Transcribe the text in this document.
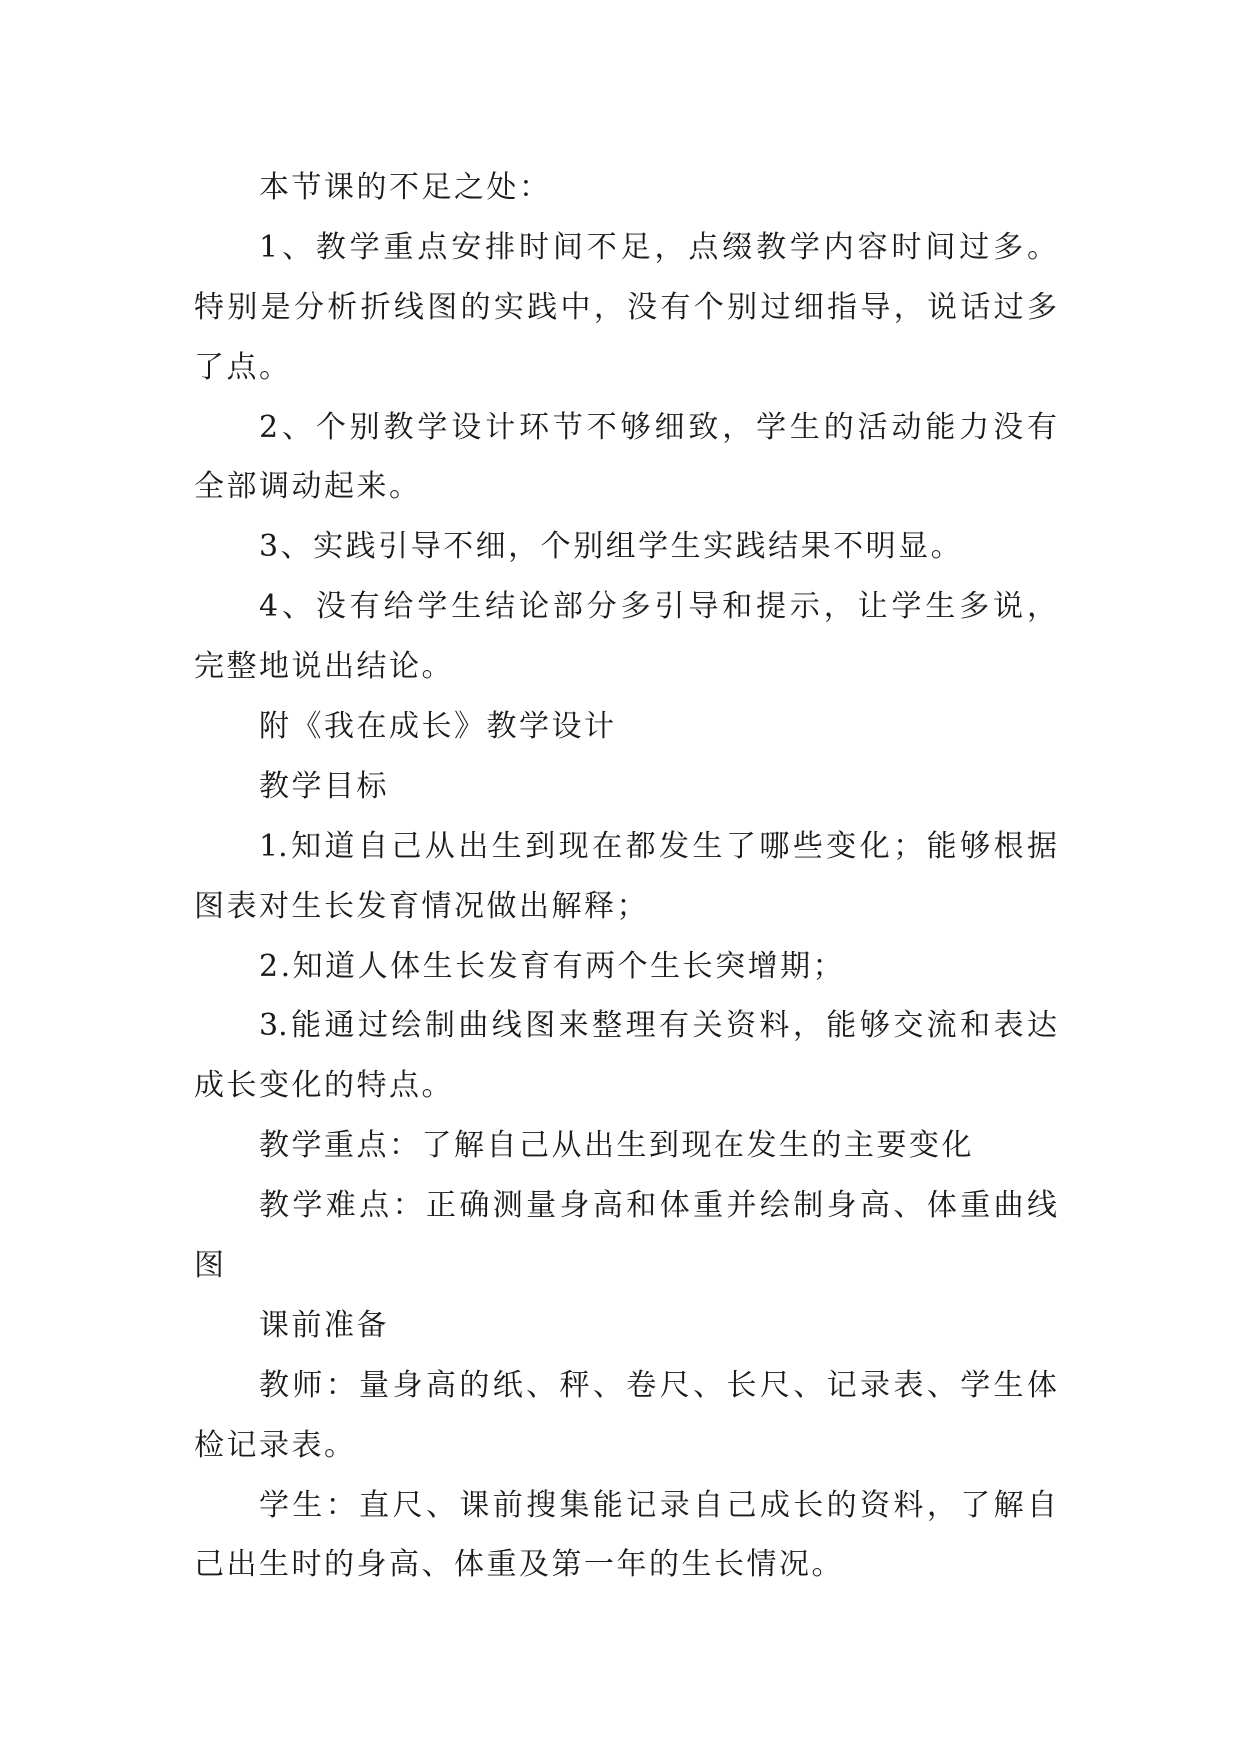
本节课的不足之处：
1、教学重点安排时间不足，点缀教学内容时间过多。
特别是分析折线图的实践中，没有个别过细指导，说话过多
了点。
2、个别教学设计环节不够细致，学生的活动能力没有
全部调动起来。
3、实践引导不细，个别组学生实践结果不明显。
4、没有给学生结论部分多引导和提示，让学生多说，
完整地说出结论。
附《我在成长》教学设计
教学目标
1.知道自己从出生到现在都发生了哪些变化；能够根据
图表对生长发育情况做出解释；
2.知道人体生长发育有两个生长突增期；
3.能通过绘制曲线图来整理有关资料，能够交流和表达
成长变化的特点。
教学重点：了解自己从出生到现在发生的主要变化
教学难点：正确测量身高和体重并绘制身高、体重曲线
图
课前准备
教师：量身高的纸、秤、卷尺、长尺、记录表、学生体
检记录表。
学生：直尺、课前搜集能记录自己成长的资料，了解自
己出生时的身高、体重及第一年的生长情况。
